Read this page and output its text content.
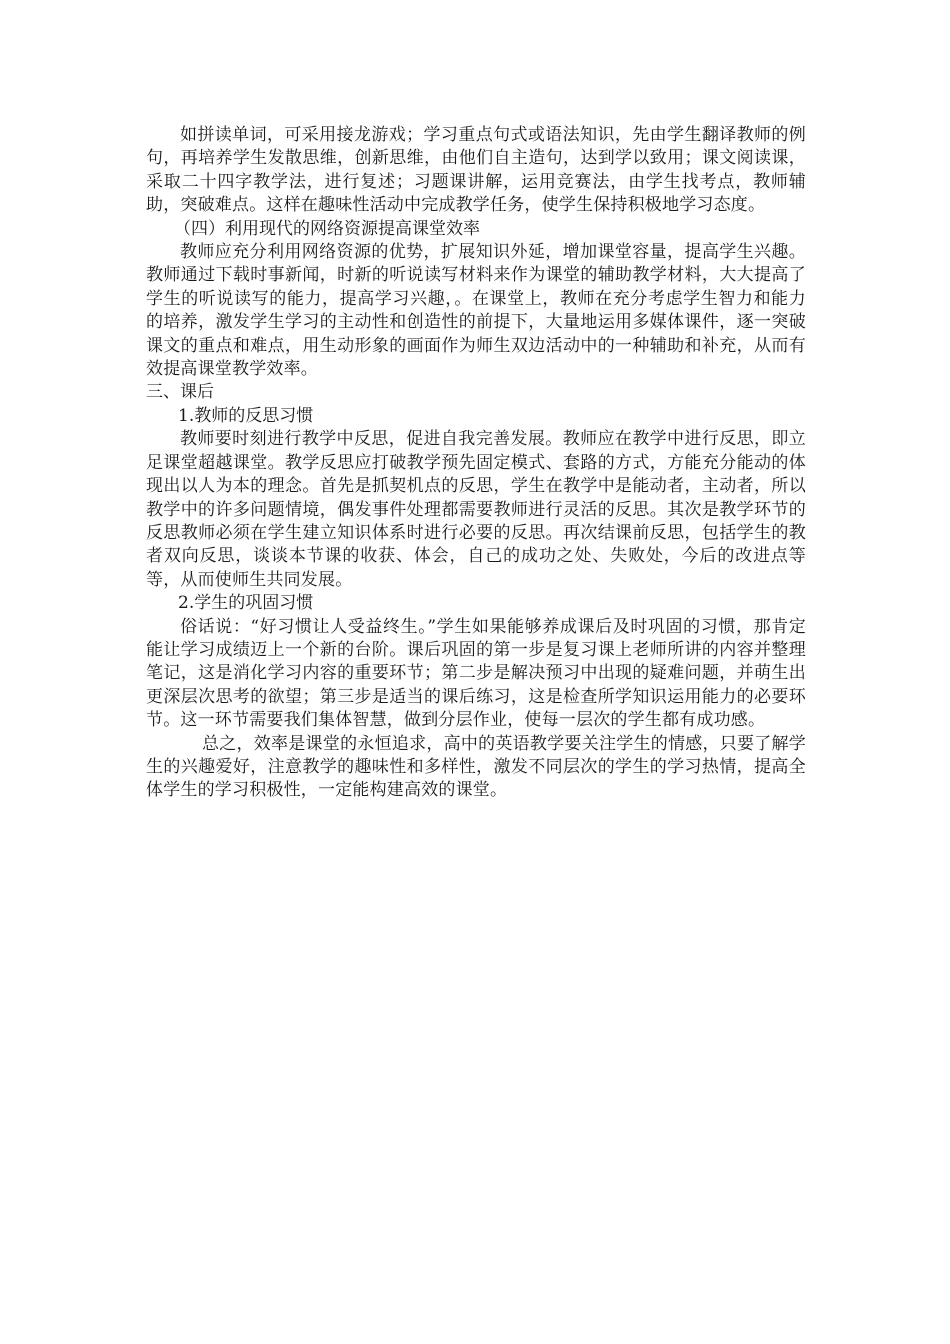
如拼读单词，可采用接龙游戏；学习重点句式或语法知识，先由学生翻译教师的例句，再培养学生发散思维，创新思维，由他们自主造句，达到学以致用；课文阅读课，采取二十四字教学法，进行复述；习题课讲解，运用竞赛法，由学生找考点，教师辅助，突破难点。这样在趣味性活动中完成教学任务，使学生保持积极地学习态度。

（四）利用现代的网络资源提高课堂效率

教师应充分利用网络资源的优势，扩展知识外延，增加课堂容量，提高学生兴趣。教师通过下载时事新闻，时新的听说读写材料来作为课堂的辅助教学材料，大大提高了学生的听说读写的能力，提高学习兴趣，。在课堂上，教师在充分考虑学生智力和能力的培养，激发学生学习的主动性和创造性的前提下，大量地运用多媒体课件，逐一突破课文的重点和难点，用生动形象的画面作为师生双边活动中的一种辅助和补充，从而有效提高课堂教学效率。

三、课后

1.教师的反思习惯

教师要时刻进行教学中反思，促进自我完善发展。教师应在教学中进行反思，即立足课堂超越课堂。教学反思应打破教学预先固定模式、套路的方式，方能充分能动的体现出以人为本的理念。首先是抓契机点的反思，学生在教学中是能动者，主动者，所以教学中的许多问题情境，偶发事件处理都需要教师进行灵活的反思。其次是教学环节的反思教师必须在学生建立知识体系时进行必要的反思。再次结课前反思，包括学生的教者双向反思，谈谈本节课的收获、体会，自己的成功之处、失败处，今后的改进点等等，从而使师生共同发展。

2.学生的巩固习惯

俗话说：“好习惯让人受益终生。”学生如果能够养成课后及时巩固的习惯，那肯定能让学习成绩迈上一个新的台阶。课后巩固的第一步是复习课上老师所讲的内容并整理笔记，这是消化学习内容的重要环节；第二步是解决预习中出现的疑难问题，并萌生出更深层次思考的欲望；第三步是适当的课后练习，这是检查所学知识运用能力的必要环节。这一环节需要我们集体智慧，做到分层作业，使每一层次的学生都有成功感。

总之，效率是课堂的永恒追求，高中的英语教学要关注学生的情感，只要了解学生的兴趣爱好，注意教学的趣味性和多样性，激发不同层次的学生的学习热情，提高全体学生的学习积极性，一定能构建高效的课堂。
